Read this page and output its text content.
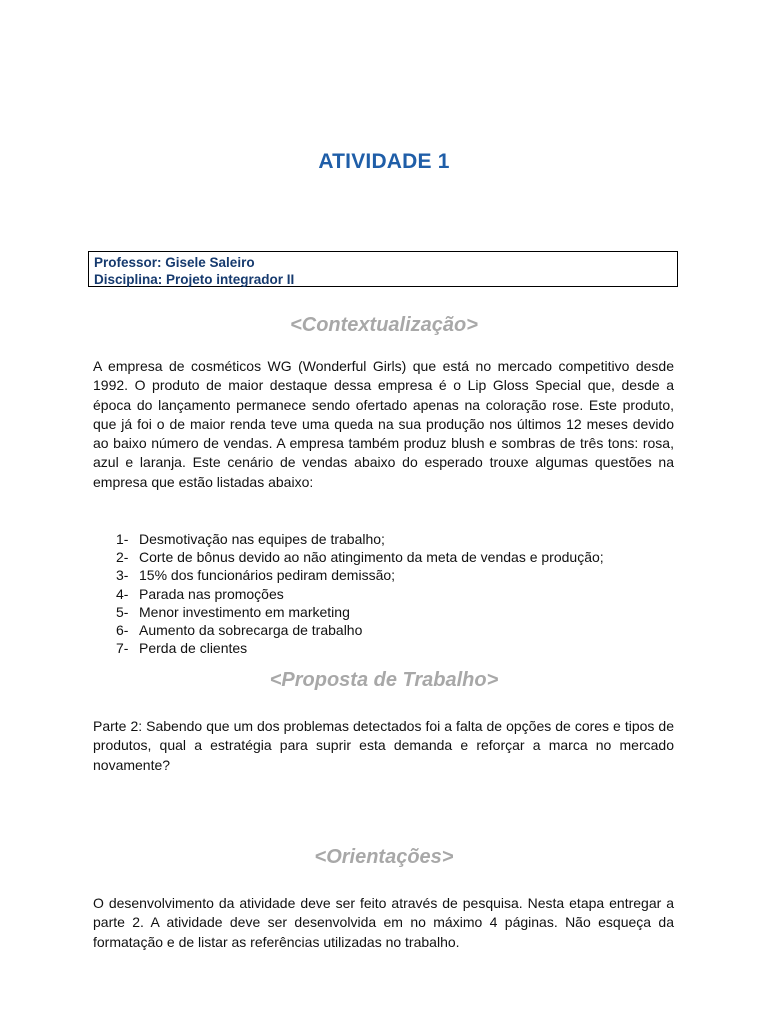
ATIVIDADE 1
Professor: Gisele Saleiro
Disciplina: Projeto integrador II
<Contextualização>

A empresa de cosméticos WG (Wonderful Girls) que está no mercado competitivo desde 1992. O produto de maior destaque dessa empresa é o Lip Gloss Special que, desde a época do lançamento permanece sendo ofertado apenas na coloração rose. Este produto, que já foi o de maior renda teve uma queda na sua produção nos últimos 12 meses devido ao baixo número de vendas. A empresa também produz blush e sombras de três tons: rosa, azul e laranja. Este cenário de vendas abaixo do esperado trouxe algumas questões na empresa que estão listadas abaixo:

1- Desmotivação nas equipes de trabalho;
2- Corte de bônus devido ao não atingimento da meta de vendas e produção;
3- 15% dos funcionários pediram demissão;
4- Parada nas promoções
5- Menor investimento em marketing
6- Aumento da sobrecarga de trabalho
7- Perda de clientes
<Proposta de Trabalho>

Parte 2: Sabendo que um dos problemas detectados foi a falta de opções de cores e tipos de produtos, qual a estratégia para suprir esta demanda e reforçar a marca no mercado novamente?

<Orientações>

O desenvolvimento da atividade deve ser feito através de pesquisa. Nesta etapa entregar a parte 2. A atividade deve ser desenvolvida em no máximo 4 páginas. Não esqueça da formatação e de listar as referências utilizadas no trabalho.
